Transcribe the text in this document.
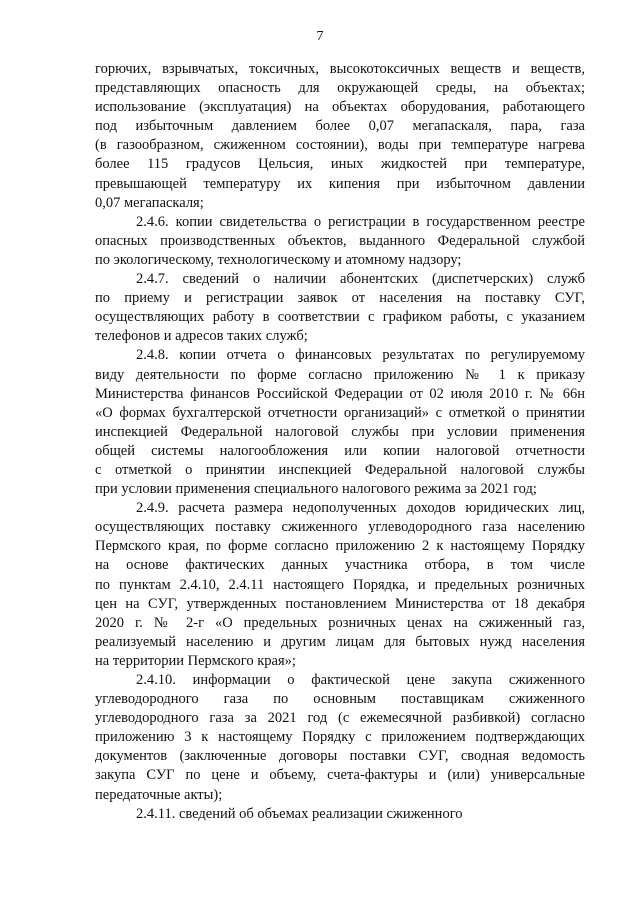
7
горючих, взрывчатых, токсичных, высокотоксичных веществ и веществ,
представляющих опасность для окружающей среды, на объектах;
использование (эксплуатация) на объектах оборудования, работающего
под избыточным давлением более 0,07 мегапаскаля, пара, газа
(в газообразном, сжиженном состоянии), воды при температуре нагрева
более 115 градусов Цельсия, иных жидкостей при температуре,
превышающей температуру их кипения при избыточном давлении
0,07 мегапаскаля;
2.4.6. копии свидетельства о регистрации в государственном реестре
опасных производственных объектов, выданного Федеральной службой
по экологическому, технологическому и атомному надзору;
2.4.7. сведений о наличии абонентских (диспетчерских) служб
по приему и регистрации заявок от населения на поставку СУГ,
осуществляющих работу в соответствии с графиком работы, с указанием
телефонов и адресов таких служб;
2.4.8. копии отчета о финансовых результатах по регулируемому
виду деятельности по форме согласно приложению № 1 к приказу
Министерства финансов Российской Федерации от 02 июля 2010 г. № 66н
«О формах бухгалтерской отчетности организаций» с отметкой о принятии
инспекцией Федеральной налоговой службы при условии применения
общей системы налогообложения или копии налоговой отчетности
с отметкой о принятии инспекцией Федеральной налоговой службы
при условии применения специального налогового режима за 2021 год;
2.4.9. расчета размера недополученных доходов юридических лиц,
осуществляющих поставку сжиженного углеводородного газа населению
Пермского края, по форме согласно приложению 2 к настоящему Порядку
на основе фактических данных участника отбора, в том числе
по пунктам 2.4.10, 2.4.11 настоящего Порядка, и предельных розничных
цен на СУГ, утвержденных постановлением Министерства от 18 декабря
2020 г. № 2-г «О предельных розничных ценах на сжиженный газ,
реализуемый населению и другим лицам для бытовых нужд населения
на территории Пермского края»;
2.4.10. информации о фактической цене закупа сжиженного
углеводородного газа по основным поставщикам сжиженного
углеводородного газа за 2021 год (с ежемесячной разбивкой) согласно
приложению 3 к настоящему Порядку с приложением подтверждающих
документов (заключенные договоры поставки СУГ, сводная ведомость
закупа СУГ по цене и объему, счета-фактуры и (или) универсальные
передаточные акты);
2.4.11. сведений об объемах реализации сжиженного
